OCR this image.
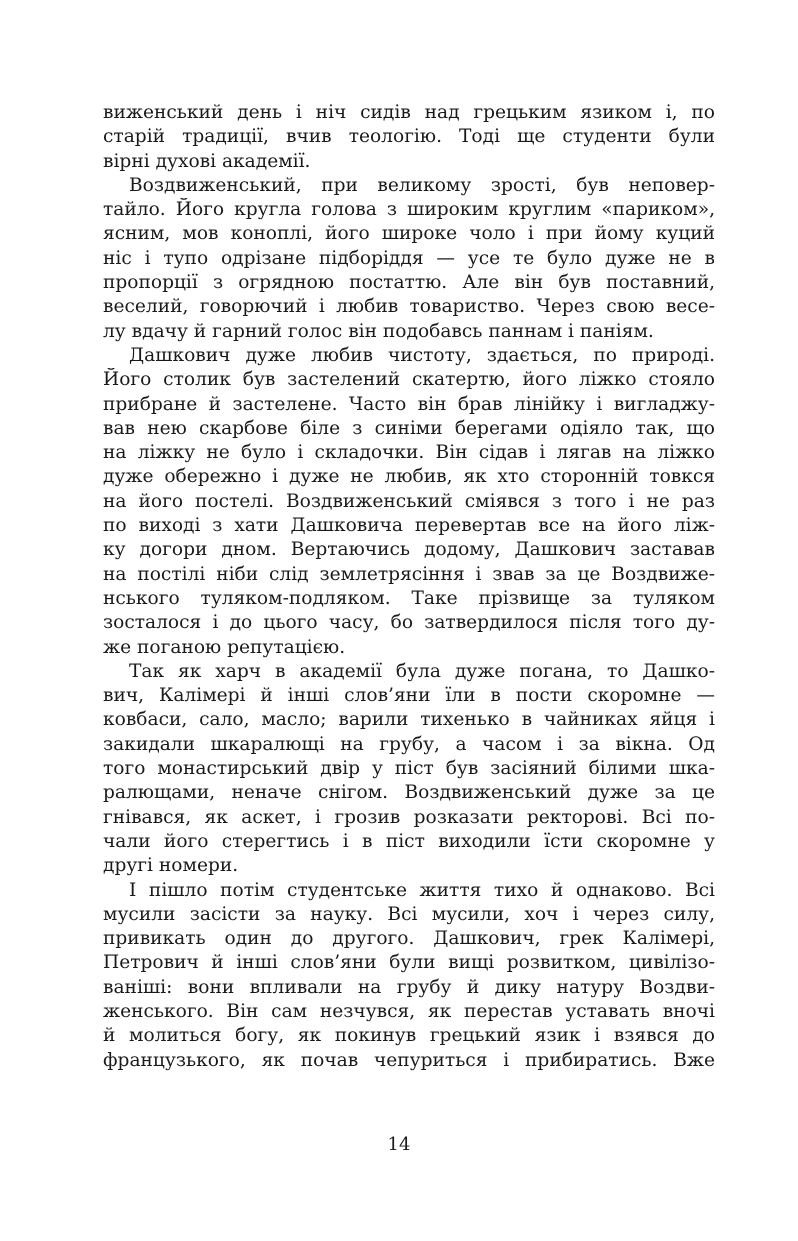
виженський день і ніч сидів над грецьким язиком і, по
старій традиції, вчив теологію. Тоді ще студенти були
вірні духові академії.
Воздвиженський, при великому зрості, був неповер-
тайло. Його кругла голова з широким круглим «париком»,
ясним, мов коноплі, його широке чоло і при йому куций
ніс і тупо одрізане підборіддя — усе те було дуже не в
пропорції з огрядною постаттю. Але він був поставний,
веселий, говорючий і любив товариство. Через свою весе-
лу вдачу й гарний голос він подобавсь паннам і паніям.
Дашкович дуже любив чистоту, здається, по природі.
Його столик був застелений скатертю, його ліжко стояло
прибране й застелене. Часто він брав лінійку і вигладжу-
вав нею скарбове біле з синіми берегами одіяло так, що
на ліжку не було і складочки. Він сідав і лягав на ліжко
дуже обережно і дуже не любив, як хто сторонній товкся
на його постелі. Воздвиженський сміявся з того і не раз
по виході з хати Дашковича перевертав все на його ліж-
ку догори дном. Вертаючись додому, Дашкович заставав
на постілі ніби слід землетрясіння і звав за це Воздвиже-
нського туляком-подляком. Таке прізвище за туляком
зосталося і до цього часу, бо затвердилося після того ду-
же поганою репутацією.
Так як харч в академії була дуже погана, то Дашко-
вич, Калімері й інші слов’яни їли в пости скоромне —
ковбаси, сало, масло; варили тихенько в чайниках яйця і
закидали шкаралющі на грубу, а часом і за вікна. Од
того монастирський двір у піст був засіяний білими шка-
ралющами, неначе снігом. Воздвиженський дуже за це
гнівався, як аскет, і грозив розказати ректорові. Всі по-
чали його стерегтись і в піст виходили їсти скоромне у
другі номери.
І пішло потім студентське життя тихо й однаково. Всі
мусили засісти за науку. Всі мусили, хоч і через силу,
привикать один до другого. Дашкович, грек Калімері,
Петрович й інші слов’яни були вищі розвитком, цивілізо-
ваніші: вони впливали на грубу й дику натуру Воздви-
женського. Він сам незчувся, як перестав уставать вночі
й молиться богу, як покинув грецький язик і взявся до
французького, як почав чепуриться і прибиратись. Вже
14
